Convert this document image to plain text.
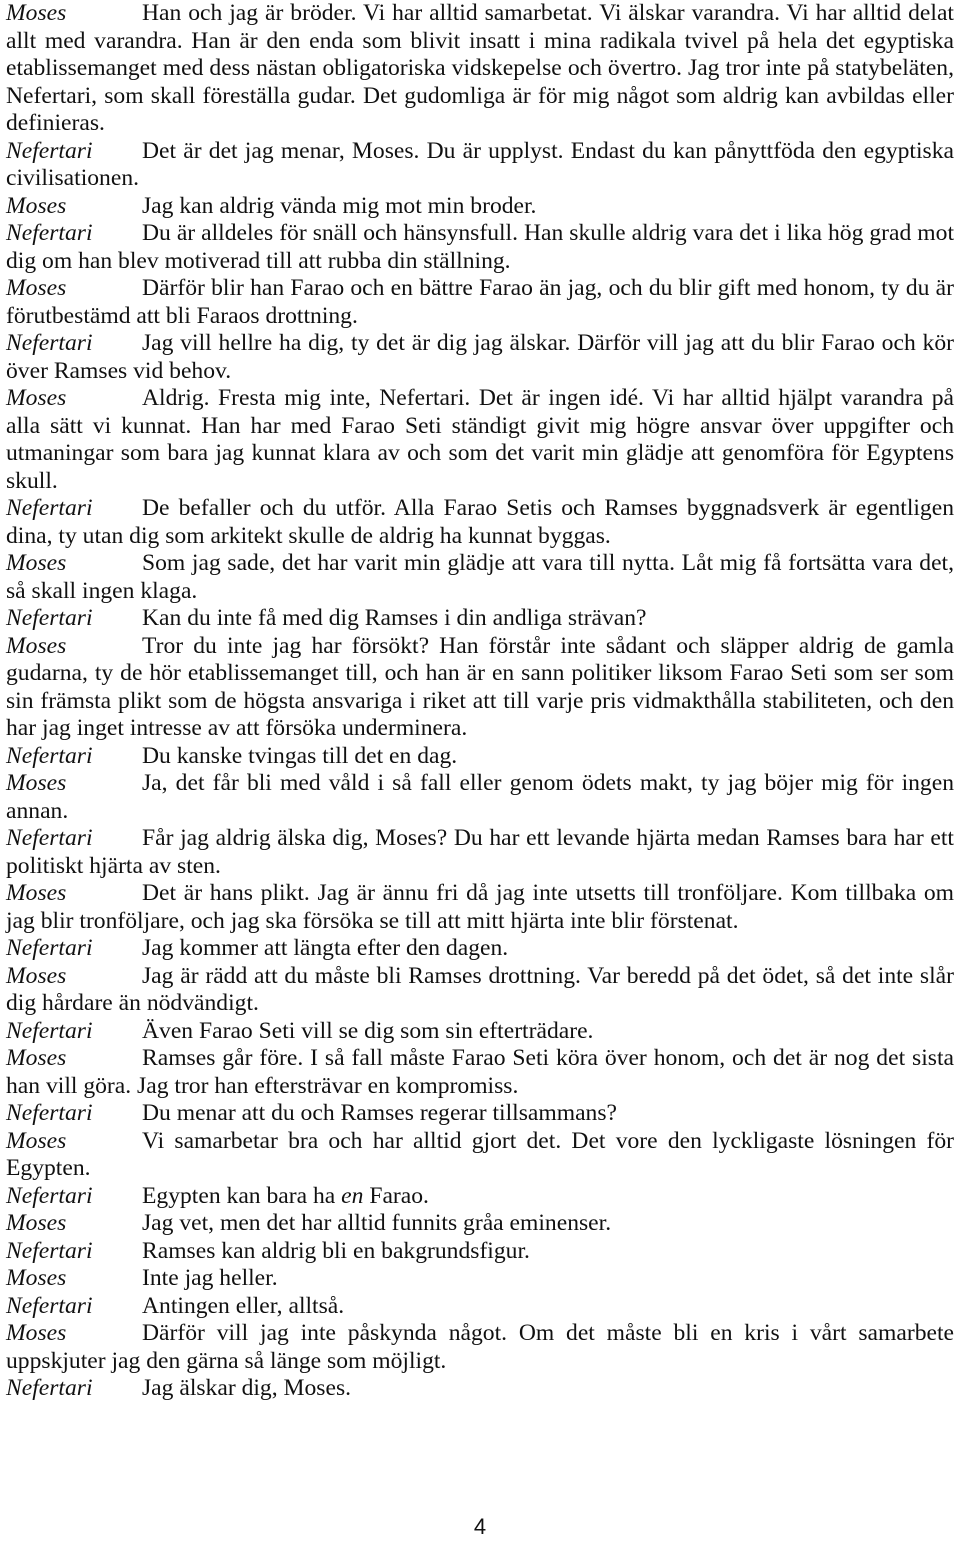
Moses	Han och jag är bröder. Vi har alltid samarbetat. Vi älskar varandra. Vi har alltid delat allt med varandra. Han är den enda som blivit insatt i mina radikala tvivel på hela det egyptiska etablissemanget med dess nästan obligatoriska vidskepelse och övertro. Jag tror inte på statybeläten, Nefertari, som skall föreställa gudar. Det gudomliga är för mig något som aldrig kan avbildas eller definieras.

Nefertari Det är det jag menar, Moses. Du är upplyst. Endast du kan pånyttföda den egyptiska civilisationen.

Moses	Jag kan aldrig vända mig mot min broder.

Nefertari Du är alldeles för snäll och hänsynsfull. Han skulle aldrig vara det i lika hög grad mot dig om han blev motiverad till att rubba din ställning.

Moses	Därför blir han Farao och en bättre Farao än jag, och du blir gift med honom, ty du är förutbestämd att bli Faraos drottning.

Nefertari Jag vill hellre ha dig, ty det är dig jag älskar. Därför vill jag att du blir Farao och kör över Ramses vid behov.

Moses	Aldrig. Fresta mig inte, Nefertari. Det är ingen idé. Vi har alltid hjälpt varandra på alla sätt vi kunnat. Han har med Farao Seti ständigt givit mig högre ansvar över uppgifter och utmaningar som bara jag kunnat klara av och som det varit min glädje att genomföra för Egyptens skull.

Nefertari De befaller och du utför. Alla Farao Setis och Ramses byggnadsverk är egentligen dina, ty utan dig som arkitekt skulle de aldrig ha kunnat byggas.

Moses	Som jag sade, det har varit min glädje att vara till nytta. Låt mig få fortsätta vara det, så skall ingen klaga.

Nefertari Kan du inte få med dig Ramses i din andliga strävan?

Moses	Tror du inte jag har försökt? Han förstår inte sådant och släpper aldrig de gamla gudarna, ty de hör etablissemanget till, och han är en sann politiker liksom Farao Seti som ser som sin främsta plikt som de högsta ansvariga i riket att till varje pris vidmakthålla stabiliteten, och den har jag inget intresse av att försöka underminera.

Nefertari Du kanske tvingas till det en dag.

Moses	Ja, det får bli med våld i så fall eller genom ödets makt, ty jag böjer mig för ingen annan.

Nefertari Får jag aldrig älska dig, Moses? Du har ett levande hjärta medan Ramses bara har ett politiskt hjärta av sten.

Moses	Det är hans plikt. Jag är ännu fri då jag inte utsetts till tronföljare. Kom tillbaka om jag blir tronföljare, och jag ska försöka se till att mitt hjärta inte blir förstenat.

Nefertari Jag kommer att längta efter den dagen.

Moses	Jag är rädd att du måste bli Ramses drottning. Var beredd på det ödet, så det inte slår dig hårdare än nödvändigt.

Nefertari Även Farao Seti vill se dig som sin efterträdare.

Moses	Ramses går före. I så fall måste Farao Seti köra över honom, och det är nog det sista han vill göra. Jag tror han eftersträvar en kompromiss.

Nefertari Du menar att du och Ramses regerar tillsammans?

Moses	Vi samarbetar bra och har alltid gjort det. Det vore den lyckligaste lösningen för Egypten.

Nefertari Egypten kan bara ha en Farao.

Moses	Jag vet, men det har alltid funnits gråa eminenser.

Nefertari Ramses kan aldrig bli en bakgrundsfigur.

Moses	Inte jag heller.

Nefertari Antingen eller, alltså.

Moses	Därför vill jag inte påskynda något. Om det måste bli en kris i vårt samarbete uppskjuter jag den gärna så länge som möjligt.

Nefertari Jag älskar dig, Moses.

4
